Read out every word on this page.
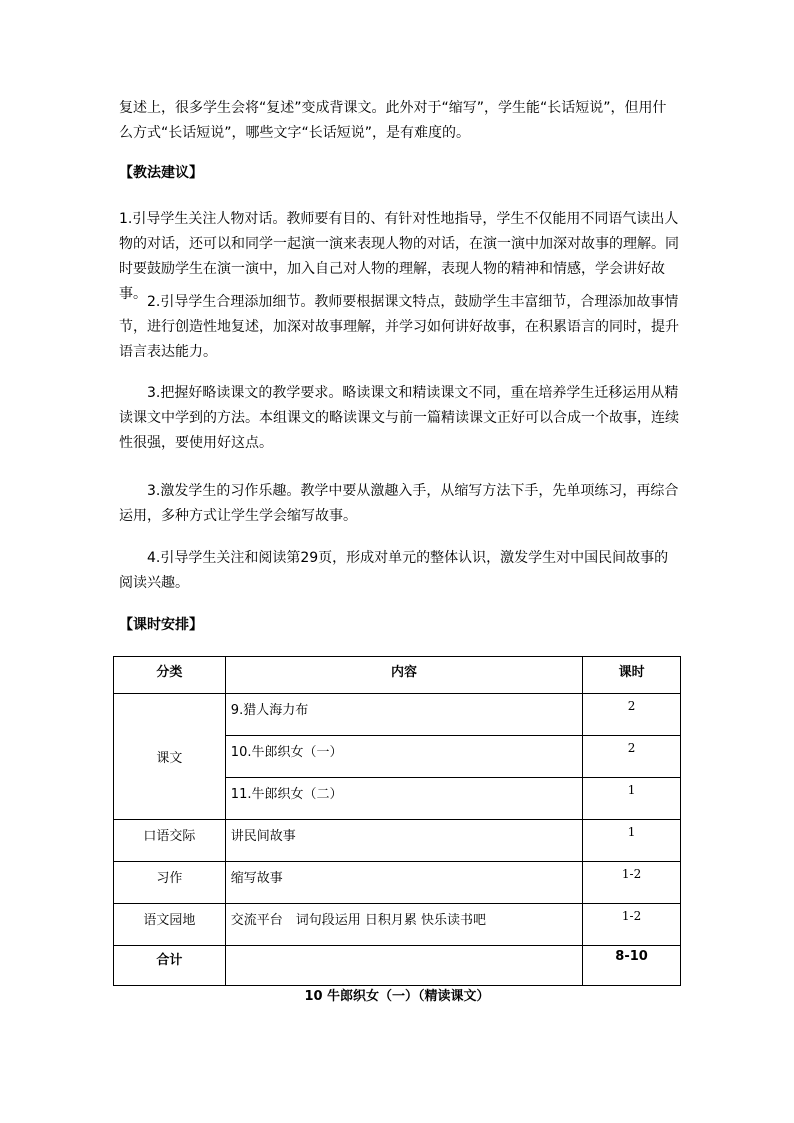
复述上，很多学生会将“复述”变成背课文。此外对于“缩写”，学生能“长话短说”，但用什么方式“长话短说”，哪些文字“长话短说”，是有难度的。

【教法建议】

1.引导学生关注人物对话。教师要有目的、有针对性地指导，学生不仅能用不同语气读出人物的对话，还可以和同学一起演一演来表现人物的对话，在演一演中加深对故事的理解。同时要鼓励学生在演一演中，加入自己对人物的理解，表现人物的精神和情感，学会讲好故事。 2.引导学生合理添加细节。教师要根据课文特点，鼓励学生丰富细节，合理添加故事情节，进行创造性地复述，加深对故事理解，并学习如何讲好故事，在积累语言的同时，提升语言表达能力。

3.把握好略读课文的教学要求。略读课文和精读课文不同，重在培养学生迁移运用从精读课文中学到的方法。本组课文的略读课文与前一篇精读课文正好可以合成一个故事，连续性很强，要使用好这点。

3.激发学生的习作乐趣。教学中要从激趣入手，从缩写方法下手，先单项练习，再综合运用，多种方式让学生学会缩写故事。

4.引导学生关注和阅读第29页，形成对单元的整体认识，激发学生对中国民间故事的阅读兴趣。

【课时安排】

分类	内容	课时
课文	9.猎人海力布	2
	10.牛郎织女（一）	2
	11.牛郎织女（二）	1
口语交际	讲民间故事	1
习作	缩写故事	1-2
语文园地	交流平台　词句段运用 日积月累 快乐读书吧	1-2
合计		8-10

10 牛郎织女（一）（精读课文）
